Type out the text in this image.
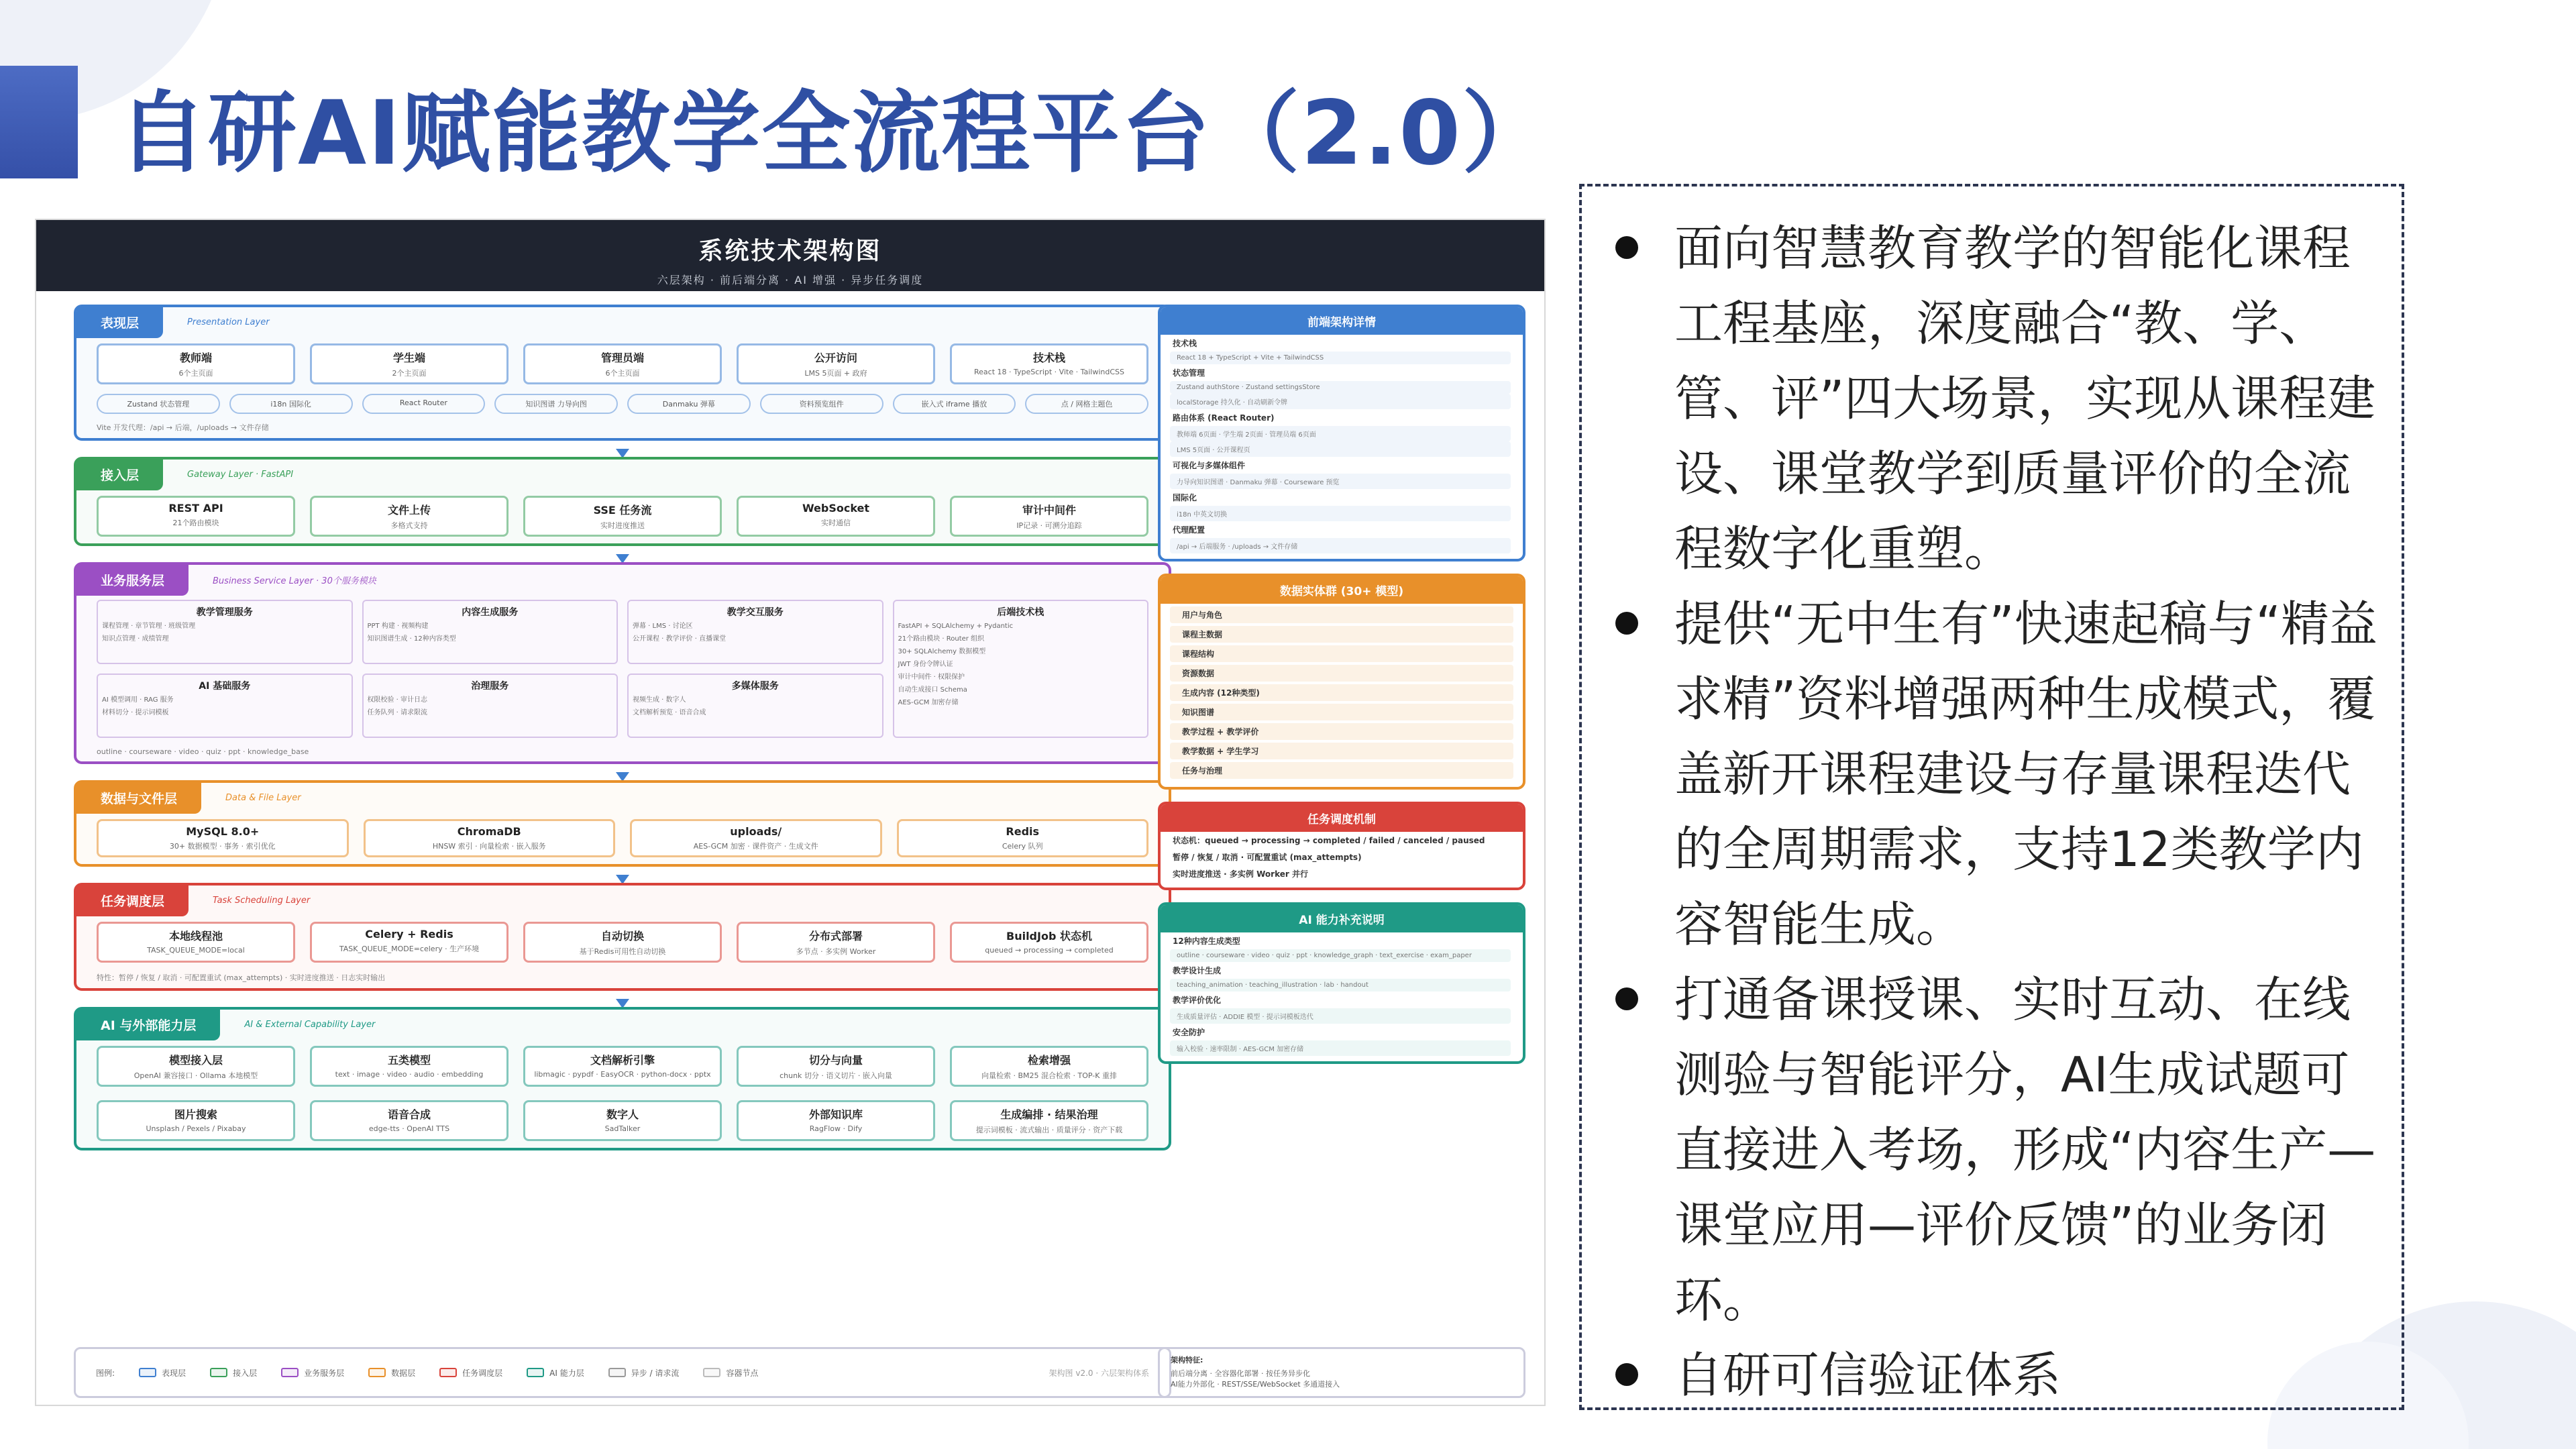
自研AI赋能教学全流程平台（2.0）
系统技术架构图
六层架构 · 前后端分离 · AI 增强 · 异步任务调度
表现层	Presentation Layer
教师端
6个主页面
学生端
2个主页面
管理员端
6个主页面
公开访问
LMS 5页面 + 政府
技术栈
React 18 · TypeScript · Vite · TailwindCSS
Zustand 状态管理	i18n 国际化	React Router	知识图谱 力导向图	Danmaku 弹幕	资料预览组件	嵌入式 iframe 播放	点 / 网格主题色
Vite 开发代理：/api → 后端，/uploads → 文件存储
接入层	Gateway Layer · FastAPI
REST API
21个路由模块
文件上传
多格式支持
SSE 任务流
实时进度推送
WebSocket
实时通信
审计中间件
IP记录 · 可溯分追踪
业务服务层	Business Service Layer · 30个服务模块
教学管理服务
课程管理 · 章节管理 · 班级管理
知识点管理 · 成绩管理
内容生成服务
PPT 构建 · 视频构建
知识图谱生成 · 12种内容类型
教学交互服务
弹幕 · LMS · 讨论区
公开课程 · 教学评价 · 直播课堂
后端技术栈
FastAPI + SQLAlchemy + Pydantic
21个路由模块 · Router 组织
30+ SQLAlchemy 数据模型
JWT 身份令牌认证
审计中间件 · 权限保护
自动生成接口 Schema
AES-GCM 加密存储
AI 基础服务
AI 模型调用 · RAG 服务
材料切分 · 提示词模板
治理服务
权限校验 · 审计日志
任务队列 · 请求限流
多媒体服务
视频生成 · 数字人
文档解析预览 · 语音合成
outline · courseware · video · quiz · ppt · knowledge_base
数据与文件层	Data & File Layer
MySQL 8.0+
30+ 数据模型 · 事务 · 索引优化
ChromaDB
HNSW 索引 · 向量检索 · 嵌入服务
uploads/
AES-GCM 加密 · 课件资产 · 生成文件
Redis
Celery 队列
任务调度层	Task Scheduling Layer
本地线程池
TASK_QUEUE_MODE=local
Celery + Redis
TASK_QUEUE_MODE=celery · 生产环境
自动切换
基于Redis可用性自动切换
分布式部署
多节点 · 多实例 Worker
BuildJob 状态机
queued → processing → completed
特性：暂停 / 恢复 / 取消 · 可配置重试 (max_attempts) · 实时进度推送 · 日志实时输出
AI 与外部能力层	AI & External Capability Layer
模型接入层
OpenAI 兼容接口 · Ollama 本地模型
五类模型
text · image · video · audio · embedding
文档解析引擎
libmagic · pypdf · EasyOCR · python-docx · pptx
切分与向量
chunk 切分 · 语义切片 · 嵌入向量
检索增强
向量检索 · BM25 混合检索 · TOP-K 重排
图片搜索
Unsplash / Pexels / Pixabay
语音合成
edge-tts · OpenAI TTS
数字人
SadTalker
外部知识库
RagFlow · Dify
生成编排 · 结果治理
提示词模板 · 流式输出 · 质量评分 · 资产下载
前端架构详情
技术栈
React 18 + TypeScript + Vite + TailwindCSS
状态管理
Zustand authStore · Zustand settingsStore
localStorage 持久化 · 自动刷新令牌
路由体系 (React Router)
教师端 6页面 · 学生端 2页面 · 管理员端 6页面
LMS 5页面 · 公开课程页
可视化与多媒体组件
力导向知识图谱 · Danmaku 弹幕 · Courseware 预览
国际化
i18n 中英文切换
代理配置
/api → 后端服务 · /uploads → 文件存储
数据实体群 (30+ 模型)
用户与角色
课程主数据
课程结构
资源数据
生成内容 (12种类型)
知识图谱
教学过程 + 教学评价
教学数据 + 学生学习
任务与治理
任务调度机制
状态机：queued → processing → completed / failed / canceled / paused
暂停 / 恢复 / 取消 · 可配置重试 (max_attempts)
实时进度推送 · 多实例 Worker 并行
AI 能力补充说明
12种内容生成类型
outline · courseware · video · quiz · ppt · knowledge_graph · text_exercise · exam_paper
教学设计生成
teaching_animation · teaching_illustration · lab · handout
教学评价优化
生成质量评估 · ADDIE 模型 · 提示词模板迭代
安全防护
输入校验 · 速率限制 · AES-GCM 加密存储
图例:	表现层	接入层	业务服务层	数据层	任务调度层	AI 能力层	异步 / 请求流	容器节点	架构图 v2.0 · 六层架构体系
架构特征:
前后端分离 · 全容器化部署 · 按任务异步化
AI能力外部化 · REST/SSE/WebSocket 多通道接入
面向智慧教育教学的智能化课程工程基座，深度融合“教、学、管、评”四大场景，实现从课程建设、课堂教学到质量评价的全流程数字化重塑。
提供“无中生有”快速起稿与“精益求精”资料增强两种生成模式，覆盖新开课程建设与存量课程迭代的全周期需求，支持12类教学内容智能生成。
打通备课授课、实时互动、在线测验与智能评分，AI生成试题可直接进入考场，形成“内容生产—课堂应用—评价反馈”的业务闭环。
自研可信验证体系
